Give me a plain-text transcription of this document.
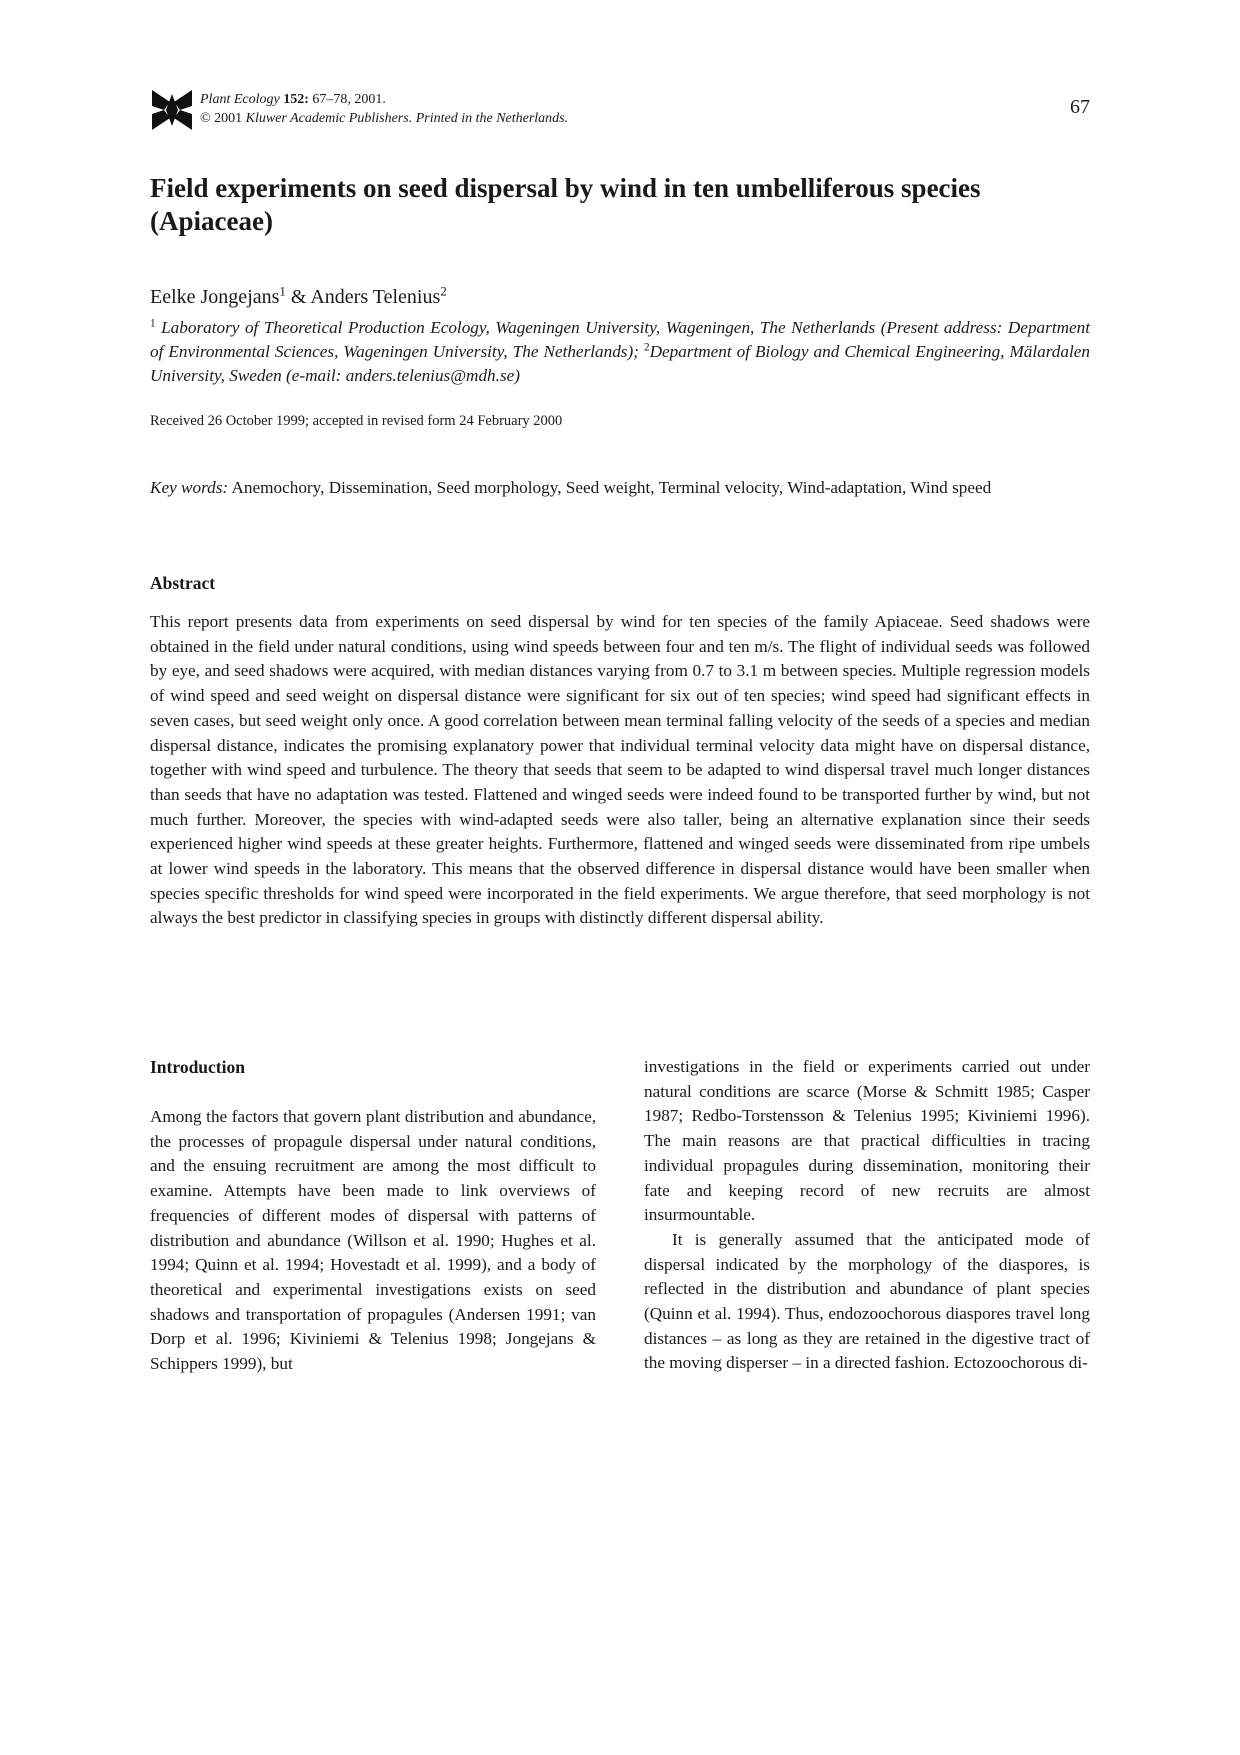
Plant Ecology 152: 67–78, 2001.
© 2001 Kluwer Academic Publishers. Printed in the Netherlands.
67
Field experiments on seed dispersal by wind in ten umbelliferous species (Apiaceae)
Eelke Jongejans$^1$ & Anders Telenius$^2$
$^1$ Laboratory of Theoretical Production Ecology, Wageningen University, Wageningen, The Netherlands (Present address: Department of Environmental Sciences, Wageningen University, The Netherlands); $^2$Department of Biology and Chemical Engineering, Mälardalen University, Sweden (e-mail: anders.telenius@mdh.se)
Received 26 October 1999; accepted in revised form 24 February 2000
Key words: Anemochory, Dissemination, Seed morphology, Seed weight, Terminal velocity, Wind-adaptation, Wind speed
Abstract

This report presents data from experiments on seed dispersal by wind for ten species of the family Apiaceae. Seed shadows were obtained in the field under natural conditions, using wind speeds between four and ten m/s. The flight of individual seeds was followed by eye, and seed shadows were acquired, with median distances varying from 0.7 to 3.1 m between species. Multiple regression models of wind speed and seed weight on dispersal distance were significant for six out of ten species; wind speed had significant effects in seven cases, but seed weight only once. A good correlation between mean terminal falling velocity of the seeds of a species and median dispersal distance, indicates the promising explanatory power that individual terminal velocity data might have on dispersal distance, together with wind speed and turbulence. The theory that seeds that seem to be adapted to wind dispersal travel much longer distances than seeds that have no adaptation was tested. Flattened and winged seeds were indeed found to be transported further by wind, but not much further. Moreover, the species with wind-adapted seeds were also taller, being an alternative explanation since their seeds experienced higher wind speeds at these greater heights. Furthermore, flattened and winged seeds were disseminated from ripe umbels at lower wind speeds in the laboratory. This means that the observed difference in dispersal distance would have been smaller when species specific thresholds for wind speed were incorporated in the field experiments. We argue therefore, that seed morphology is not always the best predictor in classifying species in groups with distinctly different dispersal ability.

Introduction

Among the factors that govern plant distribution and abundance, the processes of propagule dispersal under natural conditions, and the ensuing recruitment are among the most difficult to examine. Attempts have been made to link overviews of frequencies of different modes of dispersal with patterns of distribution and abundance (Willson et al. 1990; Hughes et al. 1994; Quinn et al. 1994; Hovestadt et al. 1999), and a body of theoretical and experimental investigations exists on seed shadows and transportation of propagules (Andersen 1991; van Dorp et al. 1996; Kiviniemi & Telenius 1998; Jongejans & Schippers 1999), but

investigations in the field or experiments carried out under natural conditions are scarce (Morse & Schmitt 1985; Casper 1987; Redbo-Torstensson & Telenius 1995; Kiviniemi 1996). The main reasons are that practical difficulties in tracing individual propagules during dissemination, monitoring their fate and keeping record of new recruits are almost insurmountable.

It is generally assumed that the anticipated mode of dispersal indicated by the morphology of the diaspores, is reflected in the distribution and abundance of plant species (Quinn et al. 1994). Thus, endozoochorous diaspores travel long distances – as long as they are retained in the digestive tract of the moving disperser – in a directed fashion. Ectozoochorous di-
